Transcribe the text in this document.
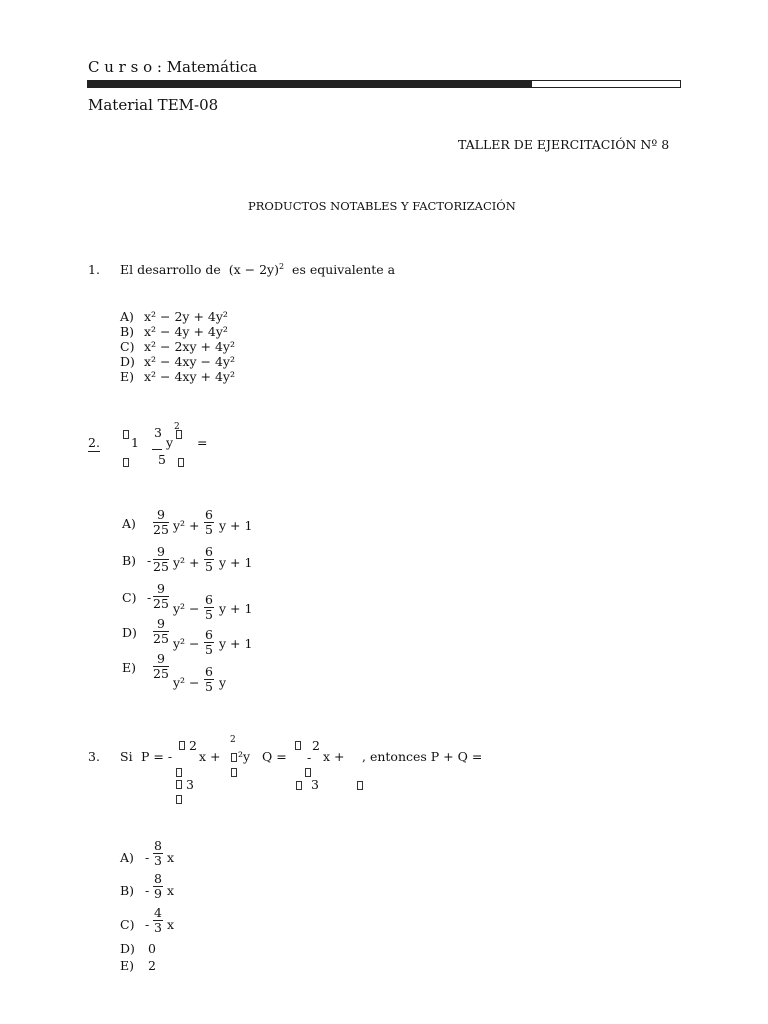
C u r s o : Matemática
Material TEM-08
TALLER DE EJERCITACIÓN Nº 8
PRODUCTOS NOTABLES Y FACTORIZACIÓN
1. El desarrollo de $(x - 2y)^2$ es equivalente a
A) x² − 2y + 4y²
B) x² − 4y + 4y²
C) x² − 2xy + 4y²
D) x² − 4xy − 4y²
E) x² − 4xy + 4y²
2. 1
3
5
y
2
=
$A) \frac{9}{25} y^2 + \frac{6}{5}$ y + 1
$B) - \frac{9}{25} y^2 + \frac{6}{5}$ y + 1
$C) - \frac{9}{25} y^2 - \frac{6}{5}$ y + 1
$D) \frac{9}{25} y^2 - \frac{6}{5}$ y + 1
$E) \frac{9}{25}$
$y^2 - \frac{6}{5}$ y
3. Si P = -
2
x +
2
²y Q =
2
- x + , entonces P + Q =
3	3
$A) - \frac{8}{3}$ x
$B) - \frac{8}{9}$ x
$C) - \frac{4}{3}$ x
D) 0
E) 2
